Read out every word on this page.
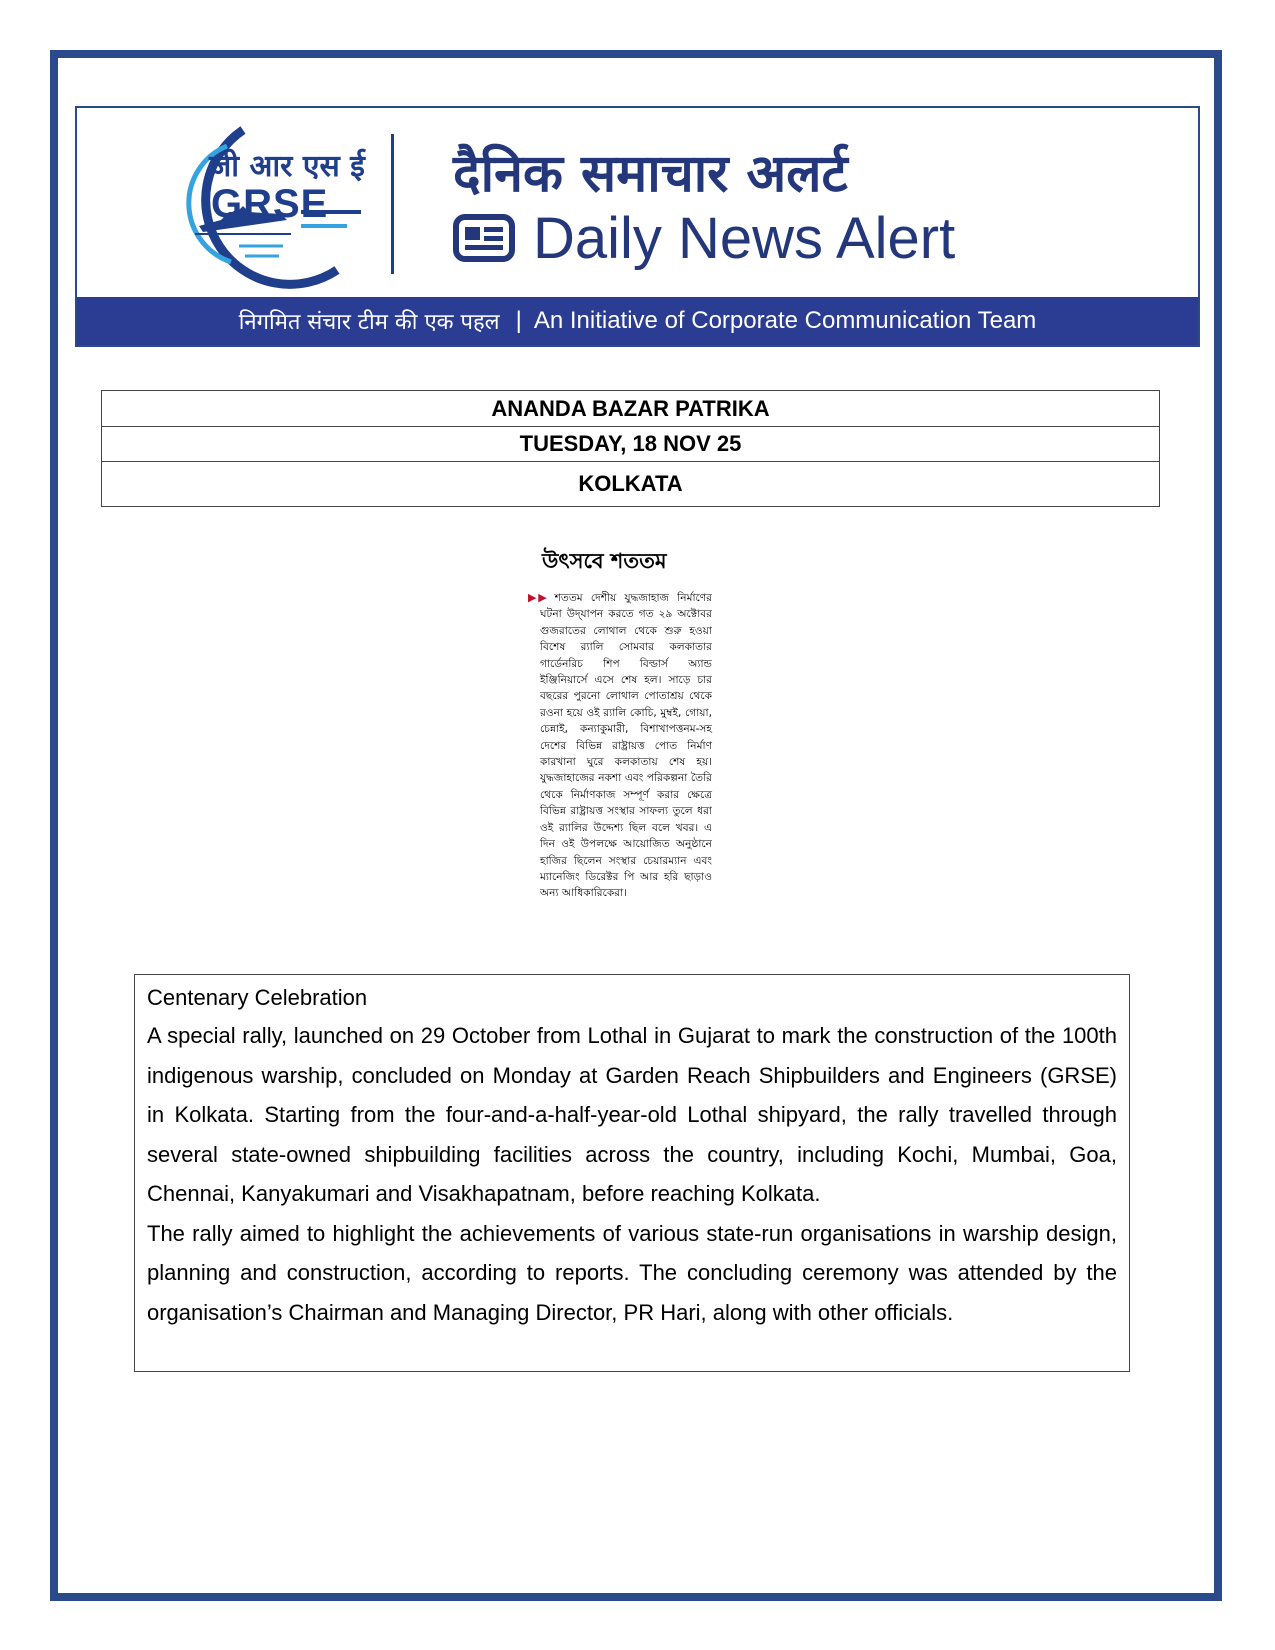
जी आर एस ई
GRSE दैनिक समाचार अलर्ट
Daily News Alert
निगमित संचार टीम की एक पहल | An Initiative of Corporate Communication Team
ANANDA BAZAR PATRIKA
TUESDAY, 18 NOV 25
KOLKATA
উৎসবে শততম

▶▶ শততম দেশীয় যুদ্ধজাহাজ নির্মাণের ঘটনা উদ্‌যাপন করতে গত ২৯ অক্টোবর গুজরাতের লোথাল থেকে শুরু হওয়া বিশেষ র‍্যালি সোমবার কলকাতার গার্ডেনরিচ শিপ বিল্ডার্স অ্যান্ড ইঞ্জিনিয়ার্সে এসে শেষ হল। সাড়ে চার বছরের পুরনো লোথাল পোতাশ্রয় থেকে রওনা হয়ে ওই র‍্যালি কোচি, মুম্বই, গোয়া, চেন্নাই, কন্যাকুমারী, বিশাখাপত্তনম-সহ দেশের বিভিন্ন রাষ্ট্রায়ত্ত পোত নির্মাণ কারখানা ঘুরে কলকাতায় শেষ হয়। যুদ্ধজাহাজের নকশা এবং পরিকল্পনা তৈরি থেকে নির্মাণকাজ সম্পূর্ণ করার ক্ষেত্রে বিভিন্ন রাষ্ট্রায়ত্ত সংস্থার সাফল্য তুলে ধরা ওই র‍্যালির উদ্দেশ্য ছিল বলে খবর। এ দিন ওই উপলক্ষে আয়োজিত অনুষ্ঠানে হাজির ছিলেন সংস্থার চেয়ারম্যান এবং ম্যানেজিং ডিরেক্টর পি আর হরি ছাড়াও অন্য আধিকারিকেরা।

Centenary Celebration

A special rally, launched on 29 October from Lothal in Gujarat to mark the construction of the 100th indigenous warship, concluded on Monday at Garden Reach Shipbuilders and Engineers (GRSE) in Kolkata. Starting from the four-and-a-half-year-old Lothal shipyard, the rally travelled through several state-owned shipbuilding facilities across the country, including Kochi, Mumbai, Goa, Chennai, Kanyakumari and Visakhapatnam, before reaching Kolkata.

The rally aimed to highlight the achievements of various state-run organisations in warship design, planning and construction, according to reports. The concluding ceremony was attended by the organisation’s Chairman and Managing Director, PR Hari, along with other officials.
